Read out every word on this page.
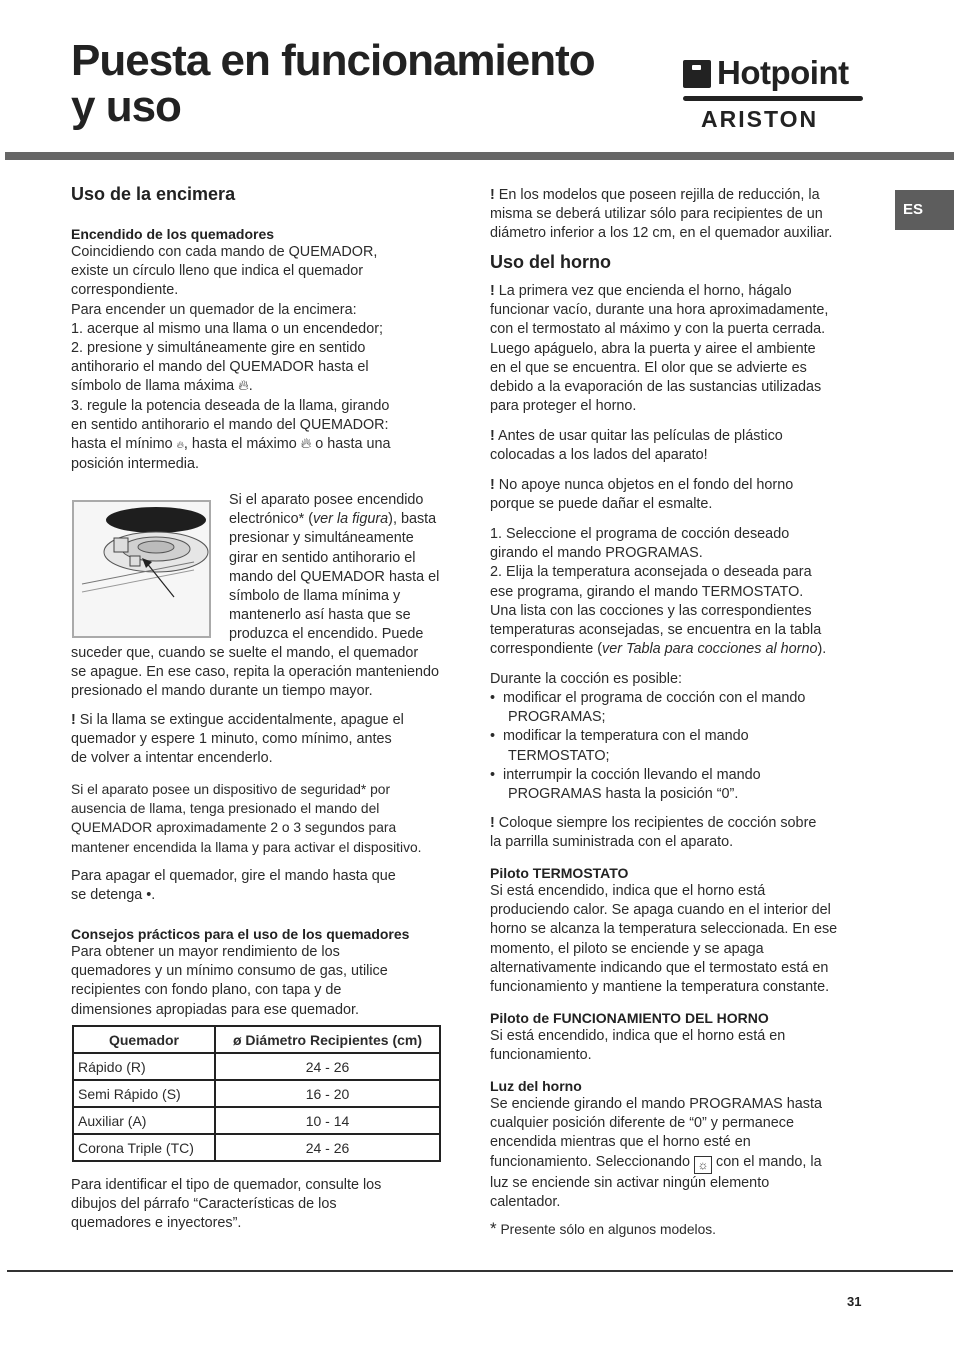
Puesta en funcionamiento
y uso
Hotpoint
ARISTON
ES
Uso de la encimera
Encendido de los quemadores
Coincidiendo con cada mando de QUEMADOR,
existe un círculo lleno que indica el quemador
correspondiente.
Para encender un quemador de la encimera:
1. acerque al mismo una llama o un encendedor;
2. presione y simultáneamente gire en sentido
antihorario el mando del QUEMADOR hasta el
símbolo de llama máxima 🔥︎.
3. regule la potencia deseada de la llama, girando
en sentido antihorario el mando del QUEMADOR:
hasta el mínimo 🔥︎, hasta el máximo 🔥︎ o hasta una
posición intermedia.
Si el aparato posee encendido
electrónico* (ver la figura), basta
presionar y simultáneamente
girar en sentido antihorario el
mando del QUEMADOR hasta el
símbolo de llama mínima y
mantenerlo así hasta que se
produzca el encendido. Puede
suceder que, cuando se suelte el mando, el quemador
se apague. En ese caso, repita la operación manteniendo
presionado el mando durante un tiempo mayor.
! Si la llama se extingue accidentalmente, apague el
quemador y espere 1 minuto, como mínimo, antes
de volver a intentar encenderlo.
Si el aparato posee un dispositivo de seguridad* por
ausencia de llama, tenga presionado el mando del
QUEMADOR aproximadamente 2 o 3 segundos para
mantener encendida la llama y para activar el dispositivo.
Para apagar el quemador, gire el mando hasta que
se detenga •.
Consejos prácticos para el uso de los quemadores
Para obtener un mayor rendimiento de los
quemadores y un mínimo consumo de gas, utilice
recipientes con fondo plano, con tapa y de
dimensiones apropiadas para ese quemador.
Quemador	ø Diámetro Recipientes (cm)
Rápido (R)	24 - 26
Semi Rápido (S)	16 - 20
Auxiliar (A)	10 - 14
Corona Triple (TC)	24 - 26
Para identificar el tipo de quemador, consulte los
dibujos del párrafo “Características de los
quemadores e inyectores”.
! En los modelos que poseen rejilla de reducción, la
misma se deberá utilizar sólo para recipientes de un
diámetro inferior a los 12 cm, en el quemador auxiliar.
Uso del horno
! La primera vez que encienda el horno, hágalo
funcionar vacío, durante una hora aproximadamente,
con el termostato al máximo y con la puerta cerrada.
Luego apáguelo, abra la puerta y airee el ambiente
en el que se encuentra. El olor que se advierte es
debido a la evaporación de las sustancias utilizadas
para proteger el horno.
! Antes de usar quitar las películas de plástico
colocadas a los lados del aparato!
! No apoye nunca objetos en el fondo del horno
porque se puede dañar el esmalte.
1. Seleccione el programa de cocción deseado
girando el mando PROGRAMAS.
2. Elija la temperatura aconsejada o deseada para
ese programa, girando el mando TERMOSTATO.
Una lista con las cocciones y las correspondientes
temperaturas aconsejadas, se encuentra en la tabla
correspondiente (ver Tabla para cocciones al horno).
Durante la cocción es posible:
•  modificar el programa de cocción con el mando
PROGRAMAS;
•  modificar la temperatura con el mando
TERMOSTATO;
•  interrumpir la cocción llevando el mando
PROGRAMAS hasta la posición “0”.
! Coloque siempre los recipientes de cocción sobre
la parrilla suministrada con el aparato.
Piloto TERMOSTATO
Si está encendido, indica que el horno está
produciendo calor. Se apaga cuando en el interior del
horno se alcanza la temperatura seleccionada. En ese
momento, el piloto se enciende y se apaga
alternativamente indicando que el termostato está en
funcionamiento y mantiene la temperatura constante.
Piloto de FUNCIONAMIENTO DEL HORNO
Si está encendido, indica que el horno está en
funcionamiento.
Luz del horno
Se enciende girando el mando PROGRAMAS hasta
cualquier posición diferente de “0” y permanece
encendida mientras que el horno esté en
funcionamiento. Seleccionando ☼ con el mando, la
luz se enciende sin activar ningún elemento
calentador.
* Presente sólo en algunos modelos.
31
